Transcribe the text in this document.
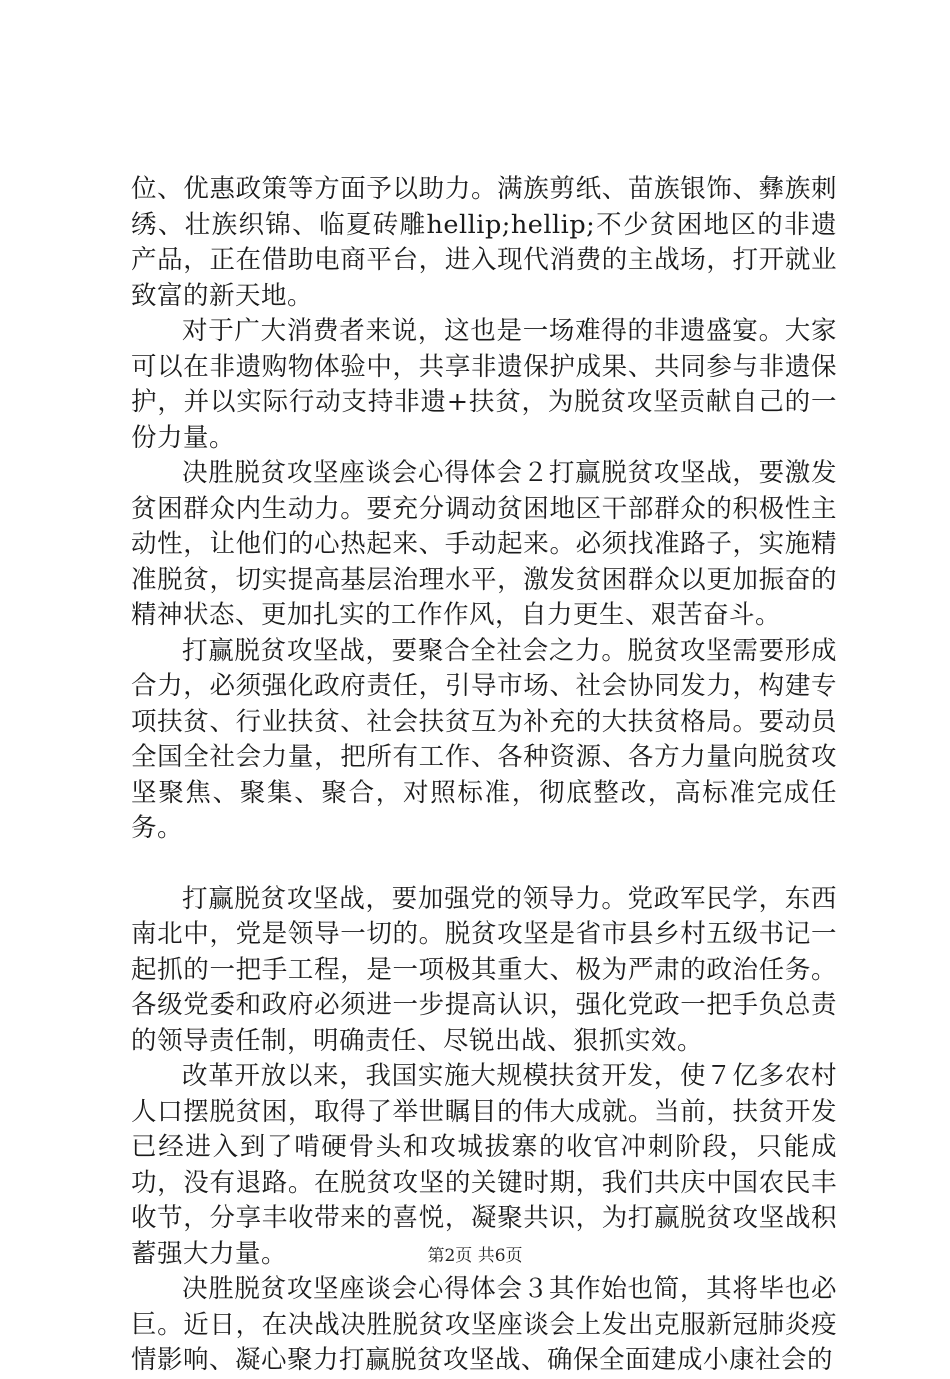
位、优惠政策等方面予以助力。满族剪纸、苗族银饰、彝族刺绣、壮族织锦、临夏砖雕hellip;hellip;不少贫困地区的非遗产品，正在借助电商平台，进入现代消费的主战场，打开就业致富的新天地。

对于广大消费者来说，这也是一场难得的非遗盛宴。大家可以在非遗购物体验中，共享非遗保护成果、共同参与非遗保护，并以实际行动支持非遗+扶贫，为脱贫攻坚贡献自己的一份力量。

决胜脱贫攻坚座谈会心得体会２打赢脱贫攻坚战，要激发贫困群众内生动力。要充分调动贫困地区干部群众的积极性主动性，让他们的心热起来、手动起来。必须找准路子，实施精准脱贫，切实提高基层治理水平，激发贫困群众以更加振奋的精神状态、更加扎实的工作作风，自力更生、艰苦奋斗。

打赢脱贫攻坚战，要聚合全社会之力。脱贫攻坚需要形成合力，必须强化政府责任，引导市场、社会协同发力，构建专项扶贫、行业扶贫、社会扶贫互为补充的大扶贫格局。要动员全国全社会力量，把所有工作、各种资源、各方力量向脱贫攻坚聚焦、聚集、聚合，对照标准，彻底整改，高标准完成任务。

打赢脱贫攻坚战，要加强党的领导力。党政军民学，东西南北中，党是领导一切的。脱贫攻坚是省市县乡村五级书记一起抓的一把手工程，是一项极其重大、极为严肃的政治任务。各级党委和政府必须进一步提高认识，强化党政一把手负总责的领导责任制，明确责任、尽锐出战、狠抓实效。

改革开放以来，我国实施大规模扶贫开发，使７亿多农村人口摆脱贫困，取得了举世瞩目的伟大成就。当前，扶贫开发已经进入到了啃硬骨头和攻城拔寨的收官冲刺阶段，只能成功，没有退路。在脱贫攻坚的关键时期，我们共庆中国农民丰收节，分享丰收带来的喜悦，凝聚共识，为打赢脱贫攻坚战积蓄强大力量。

决胜脱贫攻坚座谈会心得体会３其作始也简，其将毕也必巨。近日，在决战决胜脱贫攻坚座谈会上发出克服新冠肺炎疫情影响、凝心聚力打赢脱贫攻坚战、确保全面建成小康社会的

第2页 共6页
